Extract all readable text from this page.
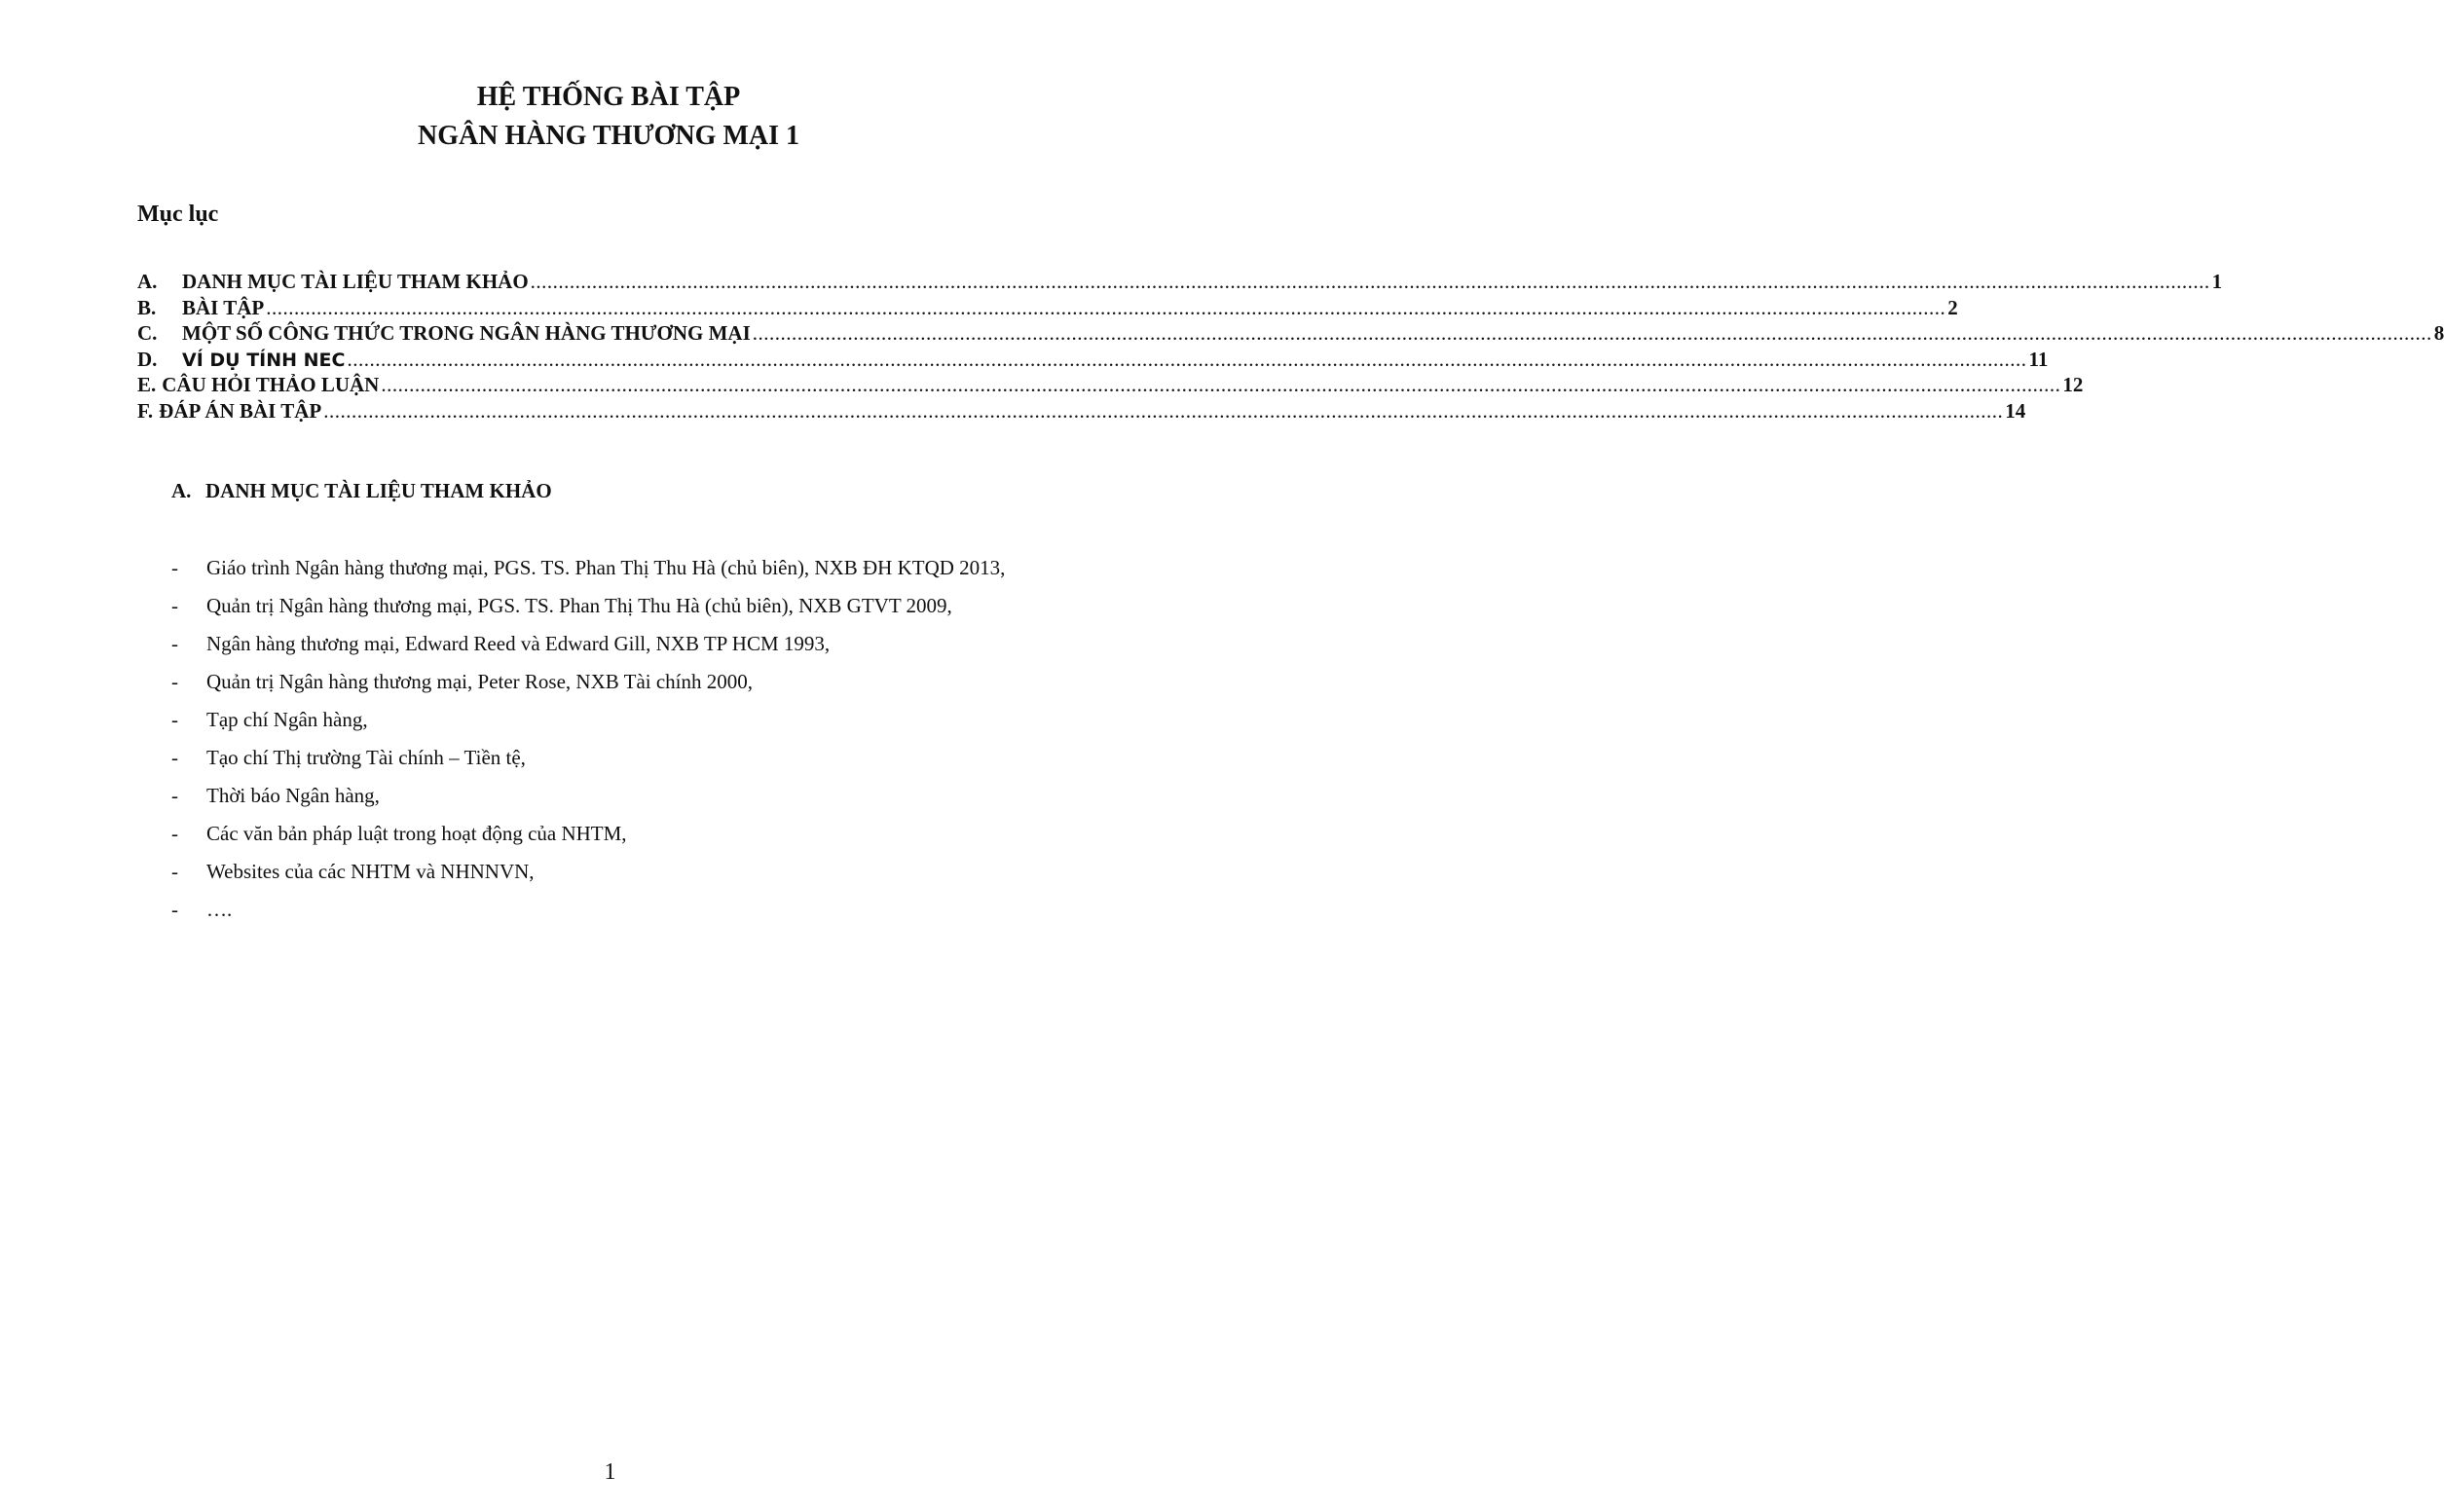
HỆ THỐNG BÀI TẬP
NGÂN HÀNG THƯƠNG MẠI 1
Mục lục
A.	DANH MỤC TÀI LIỆU THAM KHẢO ............................................................................................................................................................................................................................................................................................................ 1
B.	BÀI TẬP ............................................................................................................................................................................................................................................................................................................ 2
C.	MỘT SỐ CÔNG THỨC TRONG NGÂN HÀNG THƯƠNG MẠI ............................................................................................................................................................................................................................................................................................................ 8
D.	VÍ DỤ TÍNH NEC ............................................................................................................................................................................................................................................................................................................ 11
E. CÂU HỎI THẢO LUẬN ............................................................................................................................................................................................................................................................................................................ 12
F. ĐÁP ÁN BÀI TẬP ............................................................................................................................................................................................................................................................................................................ 14
A. DANH MỤC TÀI LIỆU THAM KHẢO
- Giáo trình Ngân hàng thương mại, PGS. TS. Phan Thị Thu Hà (chủ biên), NXB ĐH KTQD 2013,
- Quản trị Ngân hàng thương mại, PGS. TS. Phan Thị Thu Hà (chủ biên), NXB GTVT 2009,
- Ngân hàng thương mại, Edward Reed và Edward Gill, NXB TP HCM 1993,
- Quản trị Ngân hàng thương mại, Peter Rose, NXB Tài chính 2000,
- Tạp chí Ngân hàng,
- Tạo chí Thị trường Tài chính – Tiền tệ,
- Thời báo Ngân hàng,
- Các văn bản pháp luật trong hoạt động của NHTM,
- Websites của các NHTM và NHNNVN,
- ….
1
